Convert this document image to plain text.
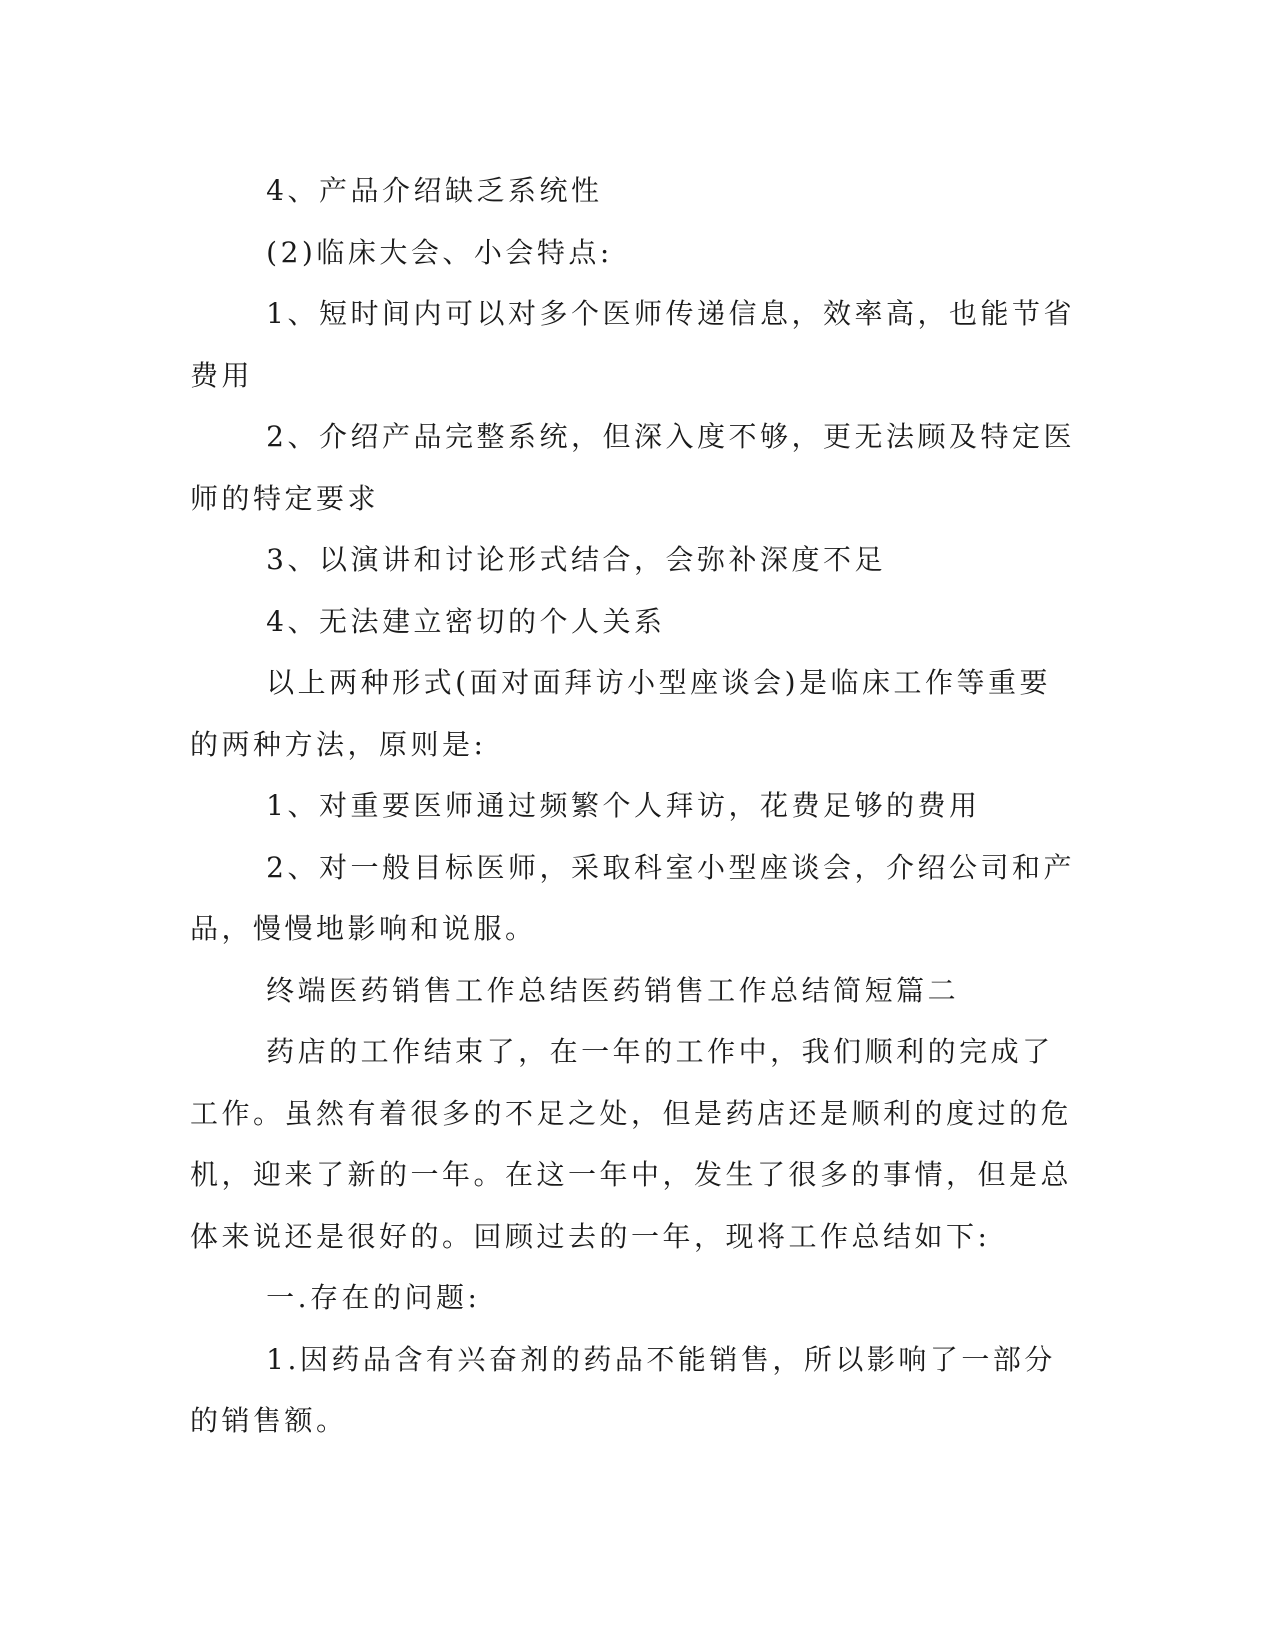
4、产品介绍缺乏系统性

(2)临床大会、小会特点:

1、短时间内可以对多个医师传递信息，效率高，也能节省费用

2、介绍产品完整系统，但深入度不够，更无法顾及特定医师的特定要求

3、以演讲和讨论形式结合，会弥补深度不足

4、无法建立密切的个人关系

以上两种形式(面对面拜访小型座谈会)是临床工作等重要的两种方法，原则是:

1、对重要医师通过频繁个人拜访，花费足够的费用

2、对一般目标医师，采取科室小型座谈会，介绍公司和产品，慢慢地影响和说服。

终端医药销售工作总结医药销售工作总结简短篇二

药店的工作结束了，在一年的工作中，我们顺利的完成了工作。虽然有着很多的不足之处，但是药店还是顺利的度过的危机，迎来了新的一年。在这一年中，发生了很多的事情，但是总体来说还是很好的。回顾过去的一年，现将工作总结如下:

一.存在的问题:

1.因药品含有兴奋剂的药品不能销售，所以影响了一部分的销售额。
